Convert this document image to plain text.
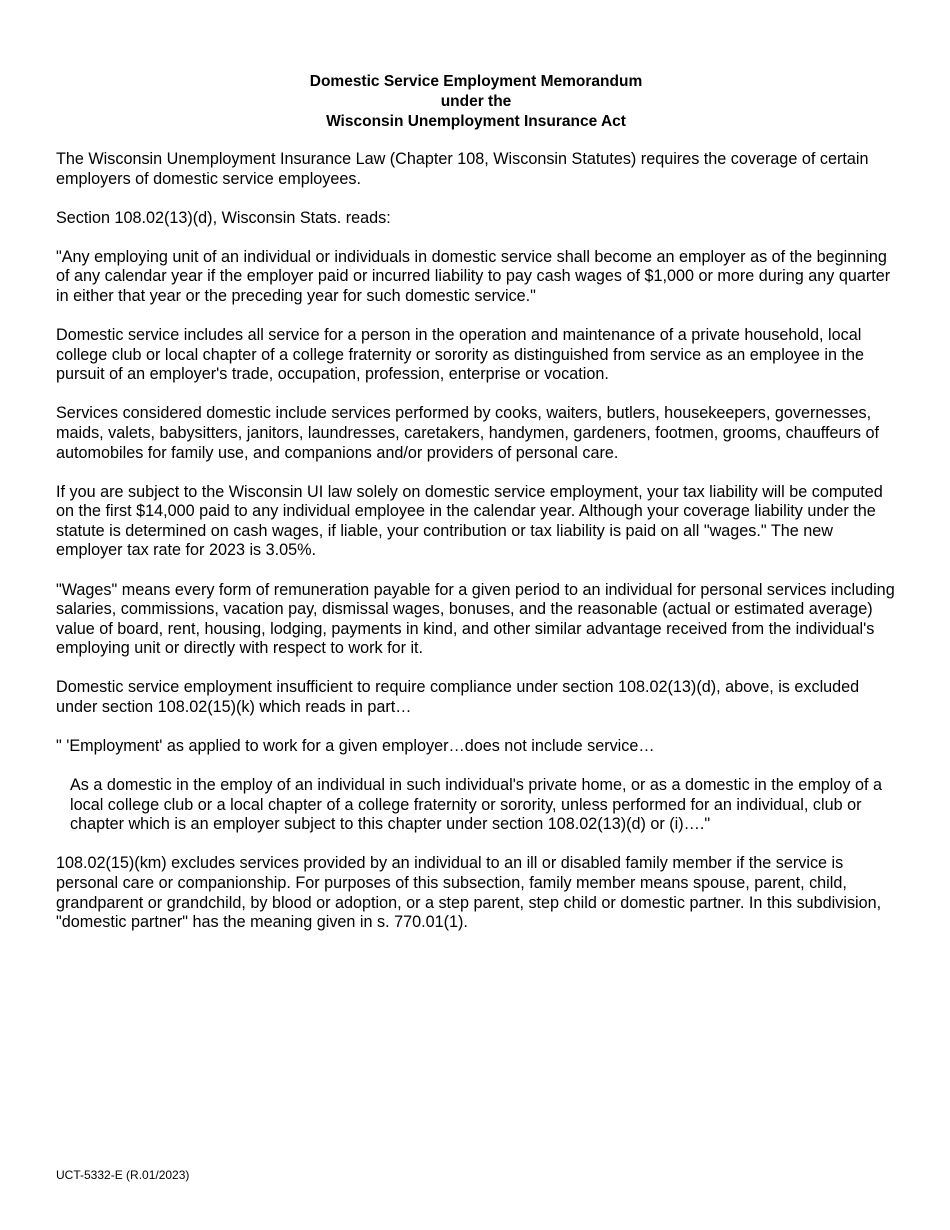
Domestic Service Employment Memorandum
under the
Wisconsin Unemployment Insurance Act

The Wisconsin Unemployment Insurance Law (Chapter 108, Wisconsin Statutes) requires the coverage of certain employers of domestic service employees.

Section 108.02(13)(d), Wisconsin Stats. reads:

"Any employing unit of an individual or individuals in domestic service shall become an employer as of the beginning of any calendar year if the employer paid or incurred liability to pay cash wages of $1,000 or more during any quarter in either that year or the preceding year for such domestic service."

Domestic service includes all service for a person in the operation and maintenance of a private household, local college club or local chapter of a college fraternity or sorority as distinguished from service as an employee in the pursuit of an employer's trade, occupation, profession, enterprise or vocation.

Services considered domestic include services performed by cooks, waiters, butlers, housekeepers, governesses, maids, valets, babysitters, janitors, laundresses, caretakers, handymen, gardeners, footmen, grooms, chauffeurs of automobiles for family use, and companions and/or providers of personal care.

If you are subject to the Wisconsin UI law solely on domestic service employment, your tax liability will be computed on the first $14,000 paid to any individual employee in the calendar year. Although your coverage liability under the statute is determined on cash wages, if liable, your contribution or tax liability is paid on all "wages." The new employer tax rate for 2023 is 3.05%.

"Wages" means every form of remuneration payable for a given period to an individual for personal services including salaries, commissions, vacation pay, dismissal wages, bonuses, and the reasonable (actual or estimated average) value of board, rent, housing, lodging, payments in kind, and other similar advantage received from the individual's employing unit or directly with respect to work for it.

Domestic service employment insufficient to require compliance under section 108.02(13)(d), above, is excluded under section 108.02(15)(k) which reads in part…

" 'Employment' as applied to work for a given employer…does not include service…

As a domestic in the employ of an individual in such individual's private home, or as a domestic in the employ of a local college club or a local chapter of a college fraternity or sorority, unless performed for an individual, club or chapter which is an employer subject to this chapter under section 108.02(13)(d) or (i)…."

108.02(15)(km) excludes services provided by an individual to an ill or disabled family member if the service is personal care or companionship. For purposes of this subsection, family member means spouse, parent, child, grandparent or grandchild, by blood or adoption, or a step parent, step child or domestic partner. In this subdivision, "domestic partner" has the meaning given in s. 770.01(1).

UCT-5332-E (R.01/2023)
